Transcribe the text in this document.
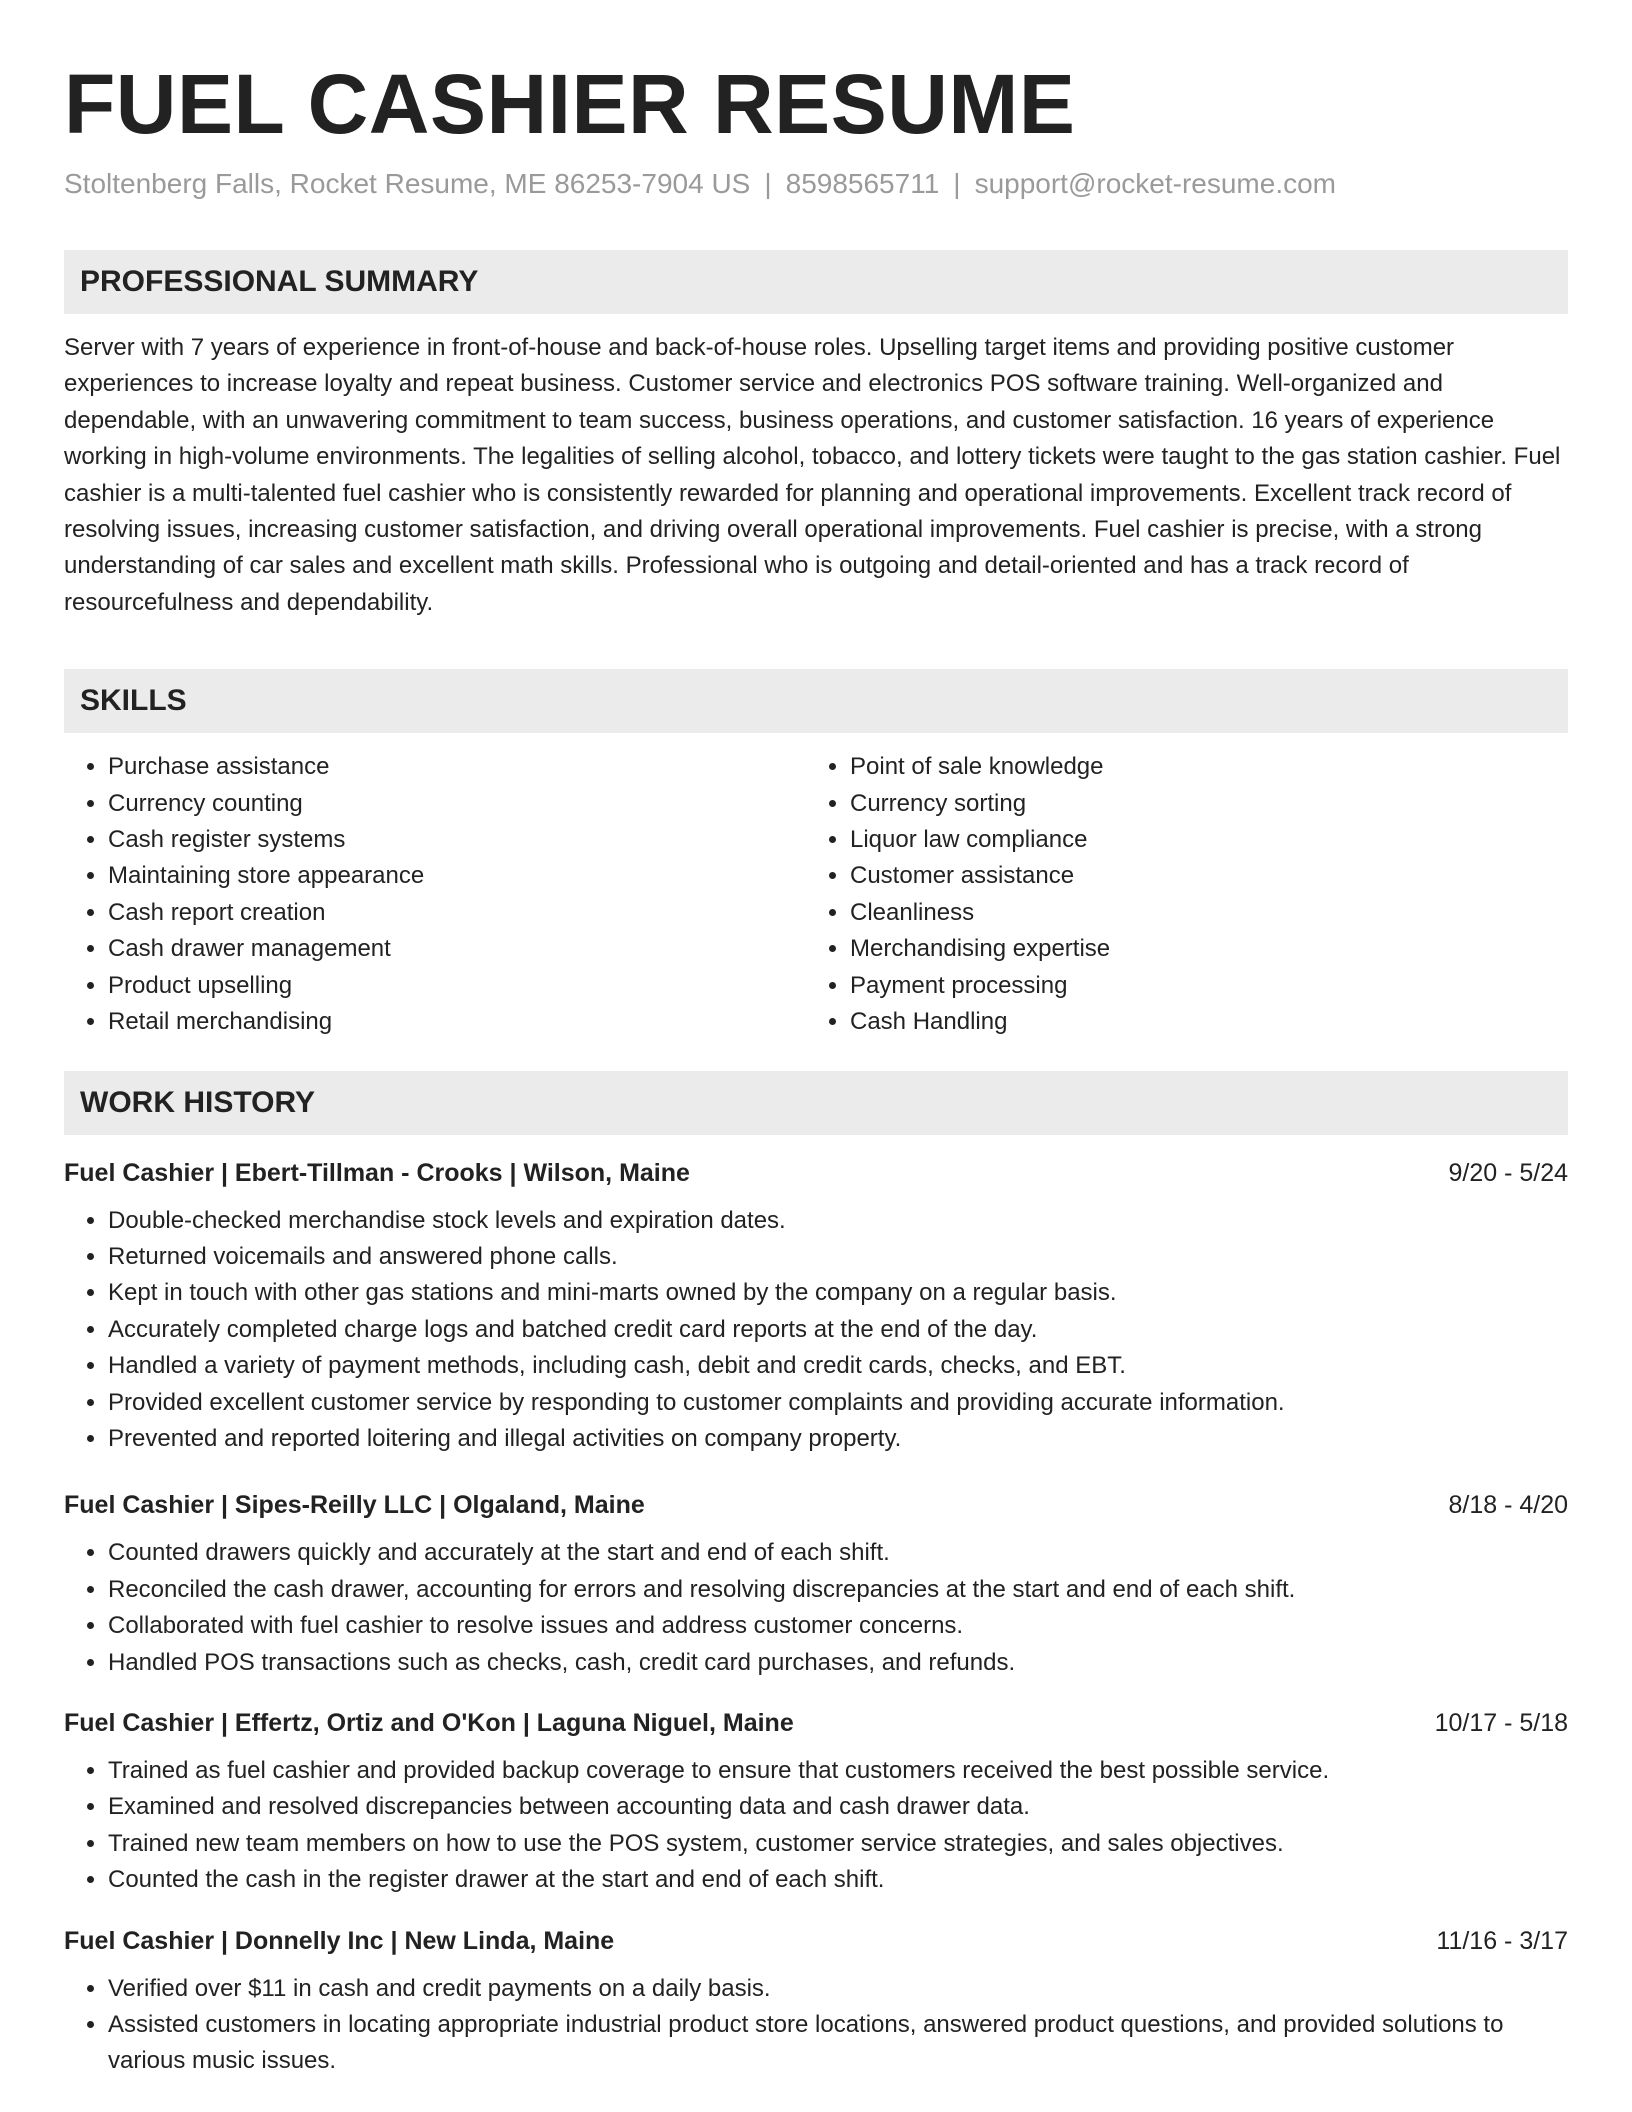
FUEL CASHIER RESUME
Stoltenberg Falls, Rocket Resume, ME 86253-7904 US | 8598565711 | support@rocket-resume.com
PROFESSIONAL SUMMARY
Server with 7 years of experience in front-of-house and back-of-house roles. Upselling target items and providing positive customer experiences to increase loyalty and repeat business. Customer service and electronics POS software training. Well-organized and dependable, with an unwavering commitment to team success, business operations, and customer satisfaction. 16 years of experience working in high-volume environments. The legalities of selling alcohol, tobacco, and lottery tickets were taught to the gas station cashier. Fuel cashier is a multi-talented fuel cashier who is consistently rewarded for planning and operational improvements. Excellent track record of resolving issues, increasing customer satisfaction, and driving overall operational improvements. Fuel cashier is precise, with a strong understanding of car sales and excellent math skills. Professional who is outgoing and detail-oriented and has a track record of resourcefulness and dependability.
SKILLS
• Purchase assistance
• Currency counting
• Cash register systems
• Maintaining store appearance
• Cash report creation
• Cash drawer management
• Product upselling
• Retail merchandising
• Point of sale knowledge
• Currency sorting
• Liquor law compliance
• Customer assistance
• Cleanliness
• Merchandising expertise
• Payment processing
• Cash Handling
WORK HISTORY
Fuel Cashier | Ebert-Tillman - Crooks | Wilson, Maine	9/20 - 5/24
• Double-checked merchandise stock levels and expiration dates.
• Returned voicemails and answered phone calls.
• Kept in touch with other gas stations and mini-marts owned by the company on a regular basis.
• Accurately completed charge logs and batched credit card reports at the end of the day.
• Handled a variety of payment methods, including cash, debit and credit cards, checks, and EBT.
• Provided excellent customer service by responding to customer complaints and providing accurate information.
• Prevented and reported loitering and illegal activities on company property.
Fuel Cashier | Sipes-Reilly LLC | Olgaland, Maine	8/18 - 4/20
• Counted drawers quickly and accurately at the start and end of each shift.
• Reconciled the cash drawer, accounting for errors and resolving discrepancies at the start and end of each shift.
• Collaborated with fuel cashier to resolve issues and address customer concerns.
• Handled POS transactions such as checks, cash, credit card purchases, and refunds.
Fuel Cashier | Effertz, Ortiz and O'Kon | Laguna Niguel, Maine	10/17 - 5/18
• Trained as fuel cashier and provided backup coverage to ensure that customers received the best possible service.
• Examined and resolved discrepancies between accounting data and cash drawer data.
• Trained new team members on how to use the POS system, customer service strategies, and sales objectives.
• Counted the cash in the register drawer at the start and end of each shift.
Fuel Cashier | Donnelly Inc | New Linda, Maine	11/16 - 3/17
• Verified over $11 in cash and credit payments on a daily basis.
• Assisted customers in locating appropriate industrial product store locations, answered product questions, and provided solutions to various music issues.
